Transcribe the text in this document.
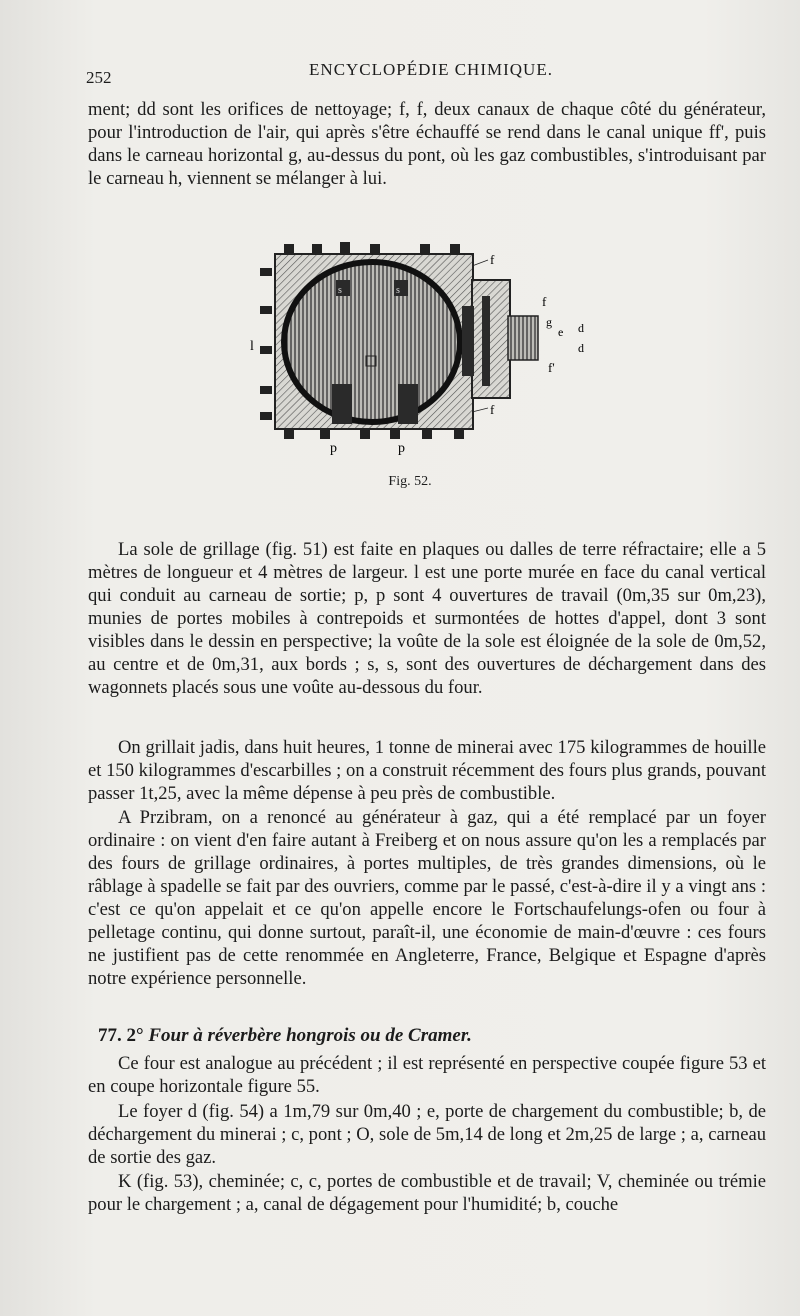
252	ENCYCLOPÉDIE CHIMIQUE.

ment; dd sont les orifices de nettoyage; f, f, deux canaux de chaque côté du générateur, pour l'introduction de l'air, qui après s'être échauffé se rend dans le canal unique ff', puis dans le carneau horizontal g, au-dessus du pont, où les gaz combustibles, s'introduisant par le carneau h, viennent se mélanger à lui.

l
p	p
f
f
g
e d
d
f'
f
s	s
Fig. 52.

La sole de grillage (fig. 51) est faite en plaques ou dalles de terre réfractaire; elle a 5 mètres de longueur et 4 mètres de largeur. l est une porte murée en face du canal vertical qui conduit au carneau de sortie; p, p sont 4 ouvertures de travail (0m,35 sur 0m,23), munies de portes mobiles à contrepoids et surmontées de hottes d'appel, dont 3 sont visibles dans le dessin en perspective; la voûte de la sole est éloignée de la sole de 0m,52, au centre et de 0m,31, aux bords ; s, s, sont des ouvertures de déchargement dans des wagonnets placés sous une voûte au-dessous du four.

On grillait jadis, dans huit heures, 1 tonne de minerai avec 175 kilogrammes de houille et 150 kilogrammes d'escarbilles ; on a construit récemment des fours plus grands, pouvant passer 1t,25, avec la même dépense à peu près de combustible.

A Przibram, on a renoncé au générateur à gaz, qui a été remplacé par un foyer ordinaire : on vient d'en faire autant à Freiberg et on nous assure qu'on les a remplacés par des fours de grillage ordinaires, à portes multiples, de très grandes dimensions, où le râblage à spadelle se fait par des ouvriers, comme par le passé, c'est-à-dire il y a vingt ans : c'est ce qu'on appelait et ce qu'on appelle encore le Fortschaufelungs-ofen ou four à pelletage continu, qui donne surtout, paraît-il, une économie de main-d'œuvre : ces fours ne justifient pas de cette renommée en Angleterre, France, Belgique et Espagne d'après notre expérience personnelle.

77. 2° Four à réverbère hongrois ou de Cramer.

Ce four est analogue au précédent ; il est représenté en perspective coupée figure 53 et en coupe horizontale figure 55.

Le foyer d (fig. 54) a 1m,79 sur 0m,40 ; e, porte de chargement du combustible; b, de déchargement du minerai ; c, pont ; O, sole de 5m,14 de long et 2m,25 de large ; a, carneau de sortie des gaz.

K (fig. 53), cheminée; c, c, portes de combustible et de travail; V, cheminée ou trémie pour le chargement ; a, canal de dégagement pour l'humidité; b, couche
